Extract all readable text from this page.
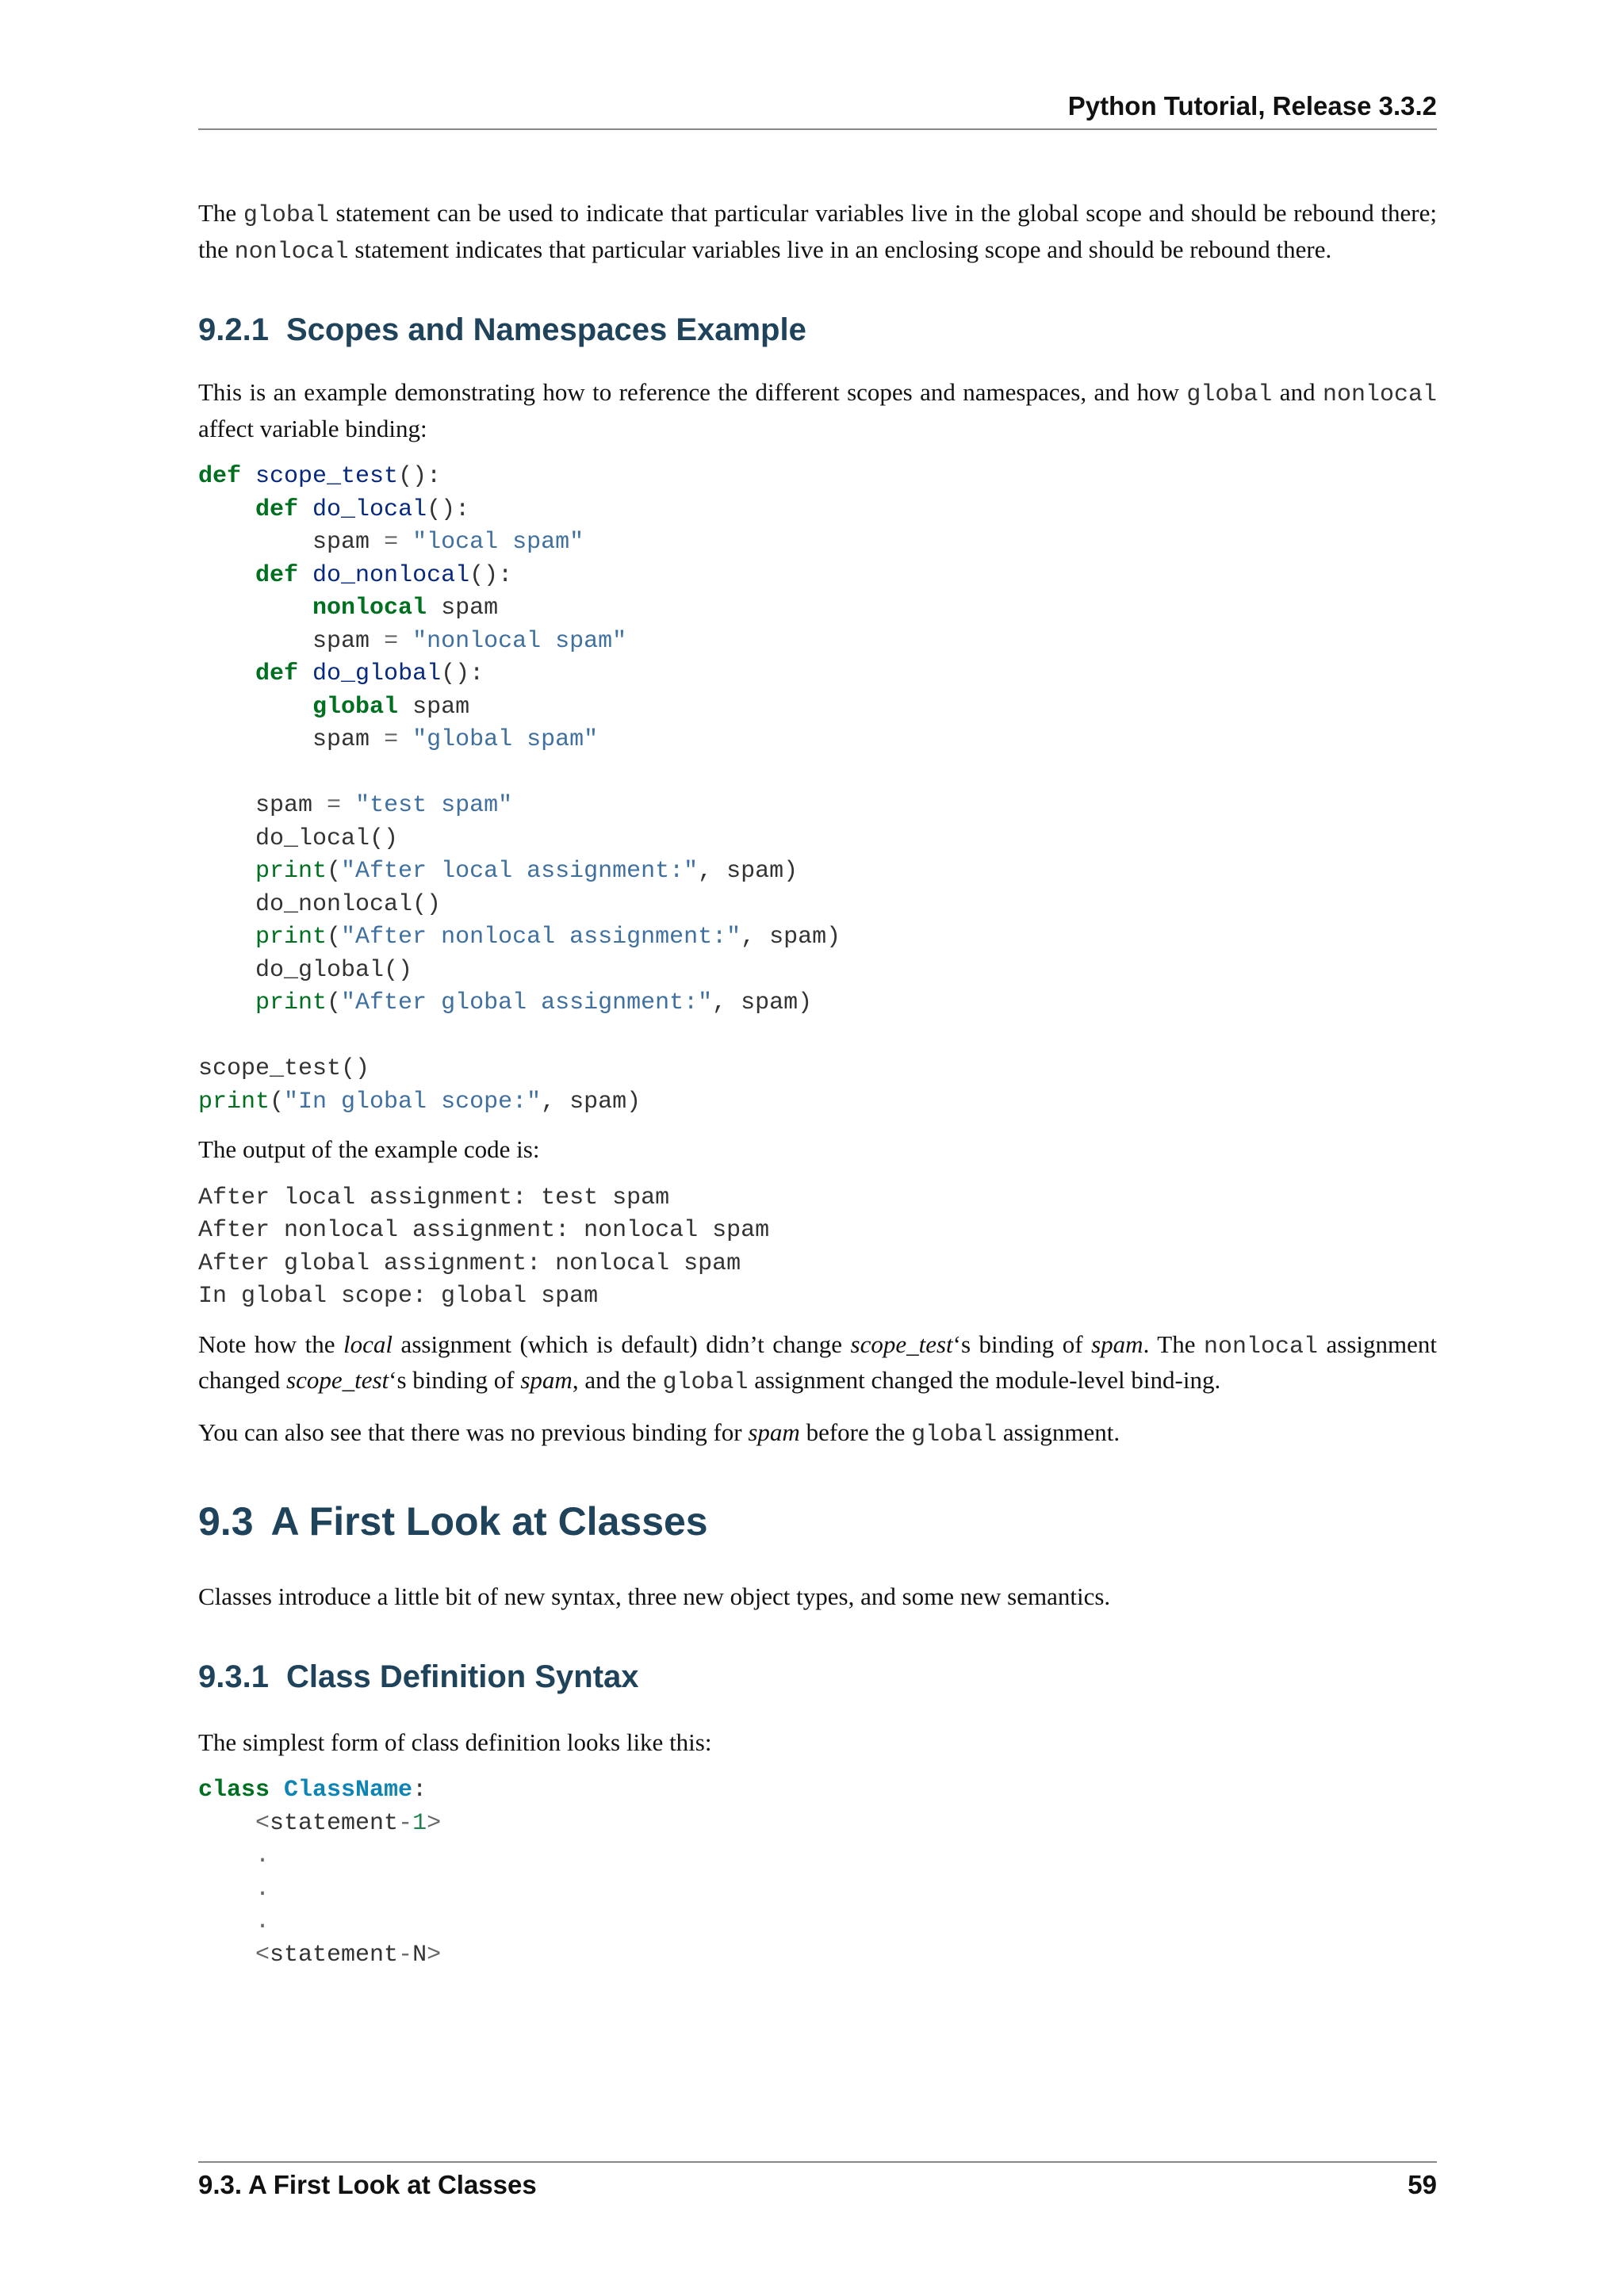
Python Tutorial, Release 3.3.2

The global statement can be used to indicate that particular variables live in the global scope and should be rebound there; the nonlocal statement indicates that particular variables live in an enclosing scope and should be rebound there.

9.2.1 Scopes and Namespaces Example

This is an example demonstrating how to reference the different scopes and namespaces, and how global and nonlocal affect variable binding:

def scope_test():
def do_local():
spam = "local spam"
def do_nonlocal():
nonlocal spam
spam = "nonlocal spam"
def do_global():
global spam
spam = "global spam"

spam = "test spam"
do_local()
print("After local assignment:", spam)
do_nonlocal()
print("After nonlocal assignment:", spam)
do_global()
print("After global assignment:", spam)

scope_test()
print("In global scope:", spam)

The output of the example code is:

After local assignment: test spam
After nonlocal assignment: nonlocal spam
After global assignment: nonlocal spam
In global scope: global spam

Note how the local assignment (which is default) didn’t change scope_test‘s binding of spam. The nonlocal assignment changed scope_test‘s binding of spam, and the global assignment changed the module-level bind-ing.

You can also see that there was no previous binding for spam before the global assignment.

9.3 A First Look at Classes

Classes introduce a little bit of new syntax, three new object types, and some new semantics.

9.3.1 Class Definition Syntax

The simplest form of class definition looks like this:

class ClassName:
<statement-1>
.
.
.
<statement-N>
9.3. A First Look at Classes	59
